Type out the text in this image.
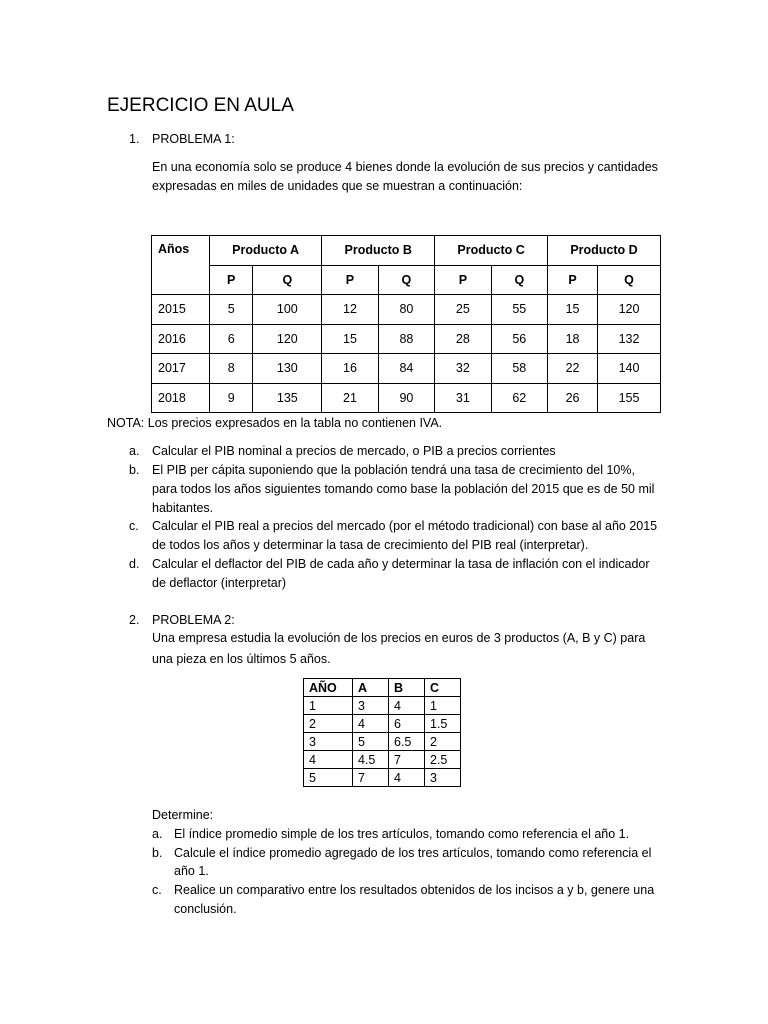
EJERCICIO EN AULA
1. PROBLEMA 1:
En una economía solo se produce 4 bienes donde la evolución de sus precios y cantidades
expresadas en miles de unidades que se muestran a continuación:
Años	Producto A		Producto B		Producto C		Producto D	
	P	Q	P	Q	P	Q	P	Q
2015	5	100	12	80	25	55	15	120
2016	6	120	15	88	28	56	18	132
2017	8	130	16	84	32	58	22	140
2018	9	135	21	90	31	62	26	155
NOTA: Los precios expresados en la tabla no contienen IVA.
a. Calcular el PIB nominal a precios de mercado, o PIB a precios corrientes
b. El PIB per cápita suponiendo que la población tendrá una tasa de crecimiento del 10%,
para todos los años siguientes tomando como base la población del 2015 que es de 50 mil
habitantes.
c. Calcular el PIB real a precios del mercado (por el método tradicional) con base al año 2015
de todos los años y determinar la tasa de crecimiento del PIB real (interpretar).
d. Calcular el deflactor del PIB de cada año y determinar la tasa de inflación con el indicador
de deflactor (interpretar)
2. PROBLEMA 2:
Una empresa estudia la evolución de los precios en euros de 3 productos (A, B y C) para
una pieza en los últimos 5 años.
AÑO	A	B	C
1	3	4	1
2	4	6	1.5
3	5	6.5	2
4	4.5	7	2.5
5	7	4	3
Determine:
a. El índice promedio simple de los tres artículos, tomando como referencia el año 1.
b. Calcule el índice promedio agregado de los tres artículos, tomando como referencia el
año 1.
c. Realice un comparativo entre los resultados obtenidos de los incisos a y b, genere una
conclusión.
